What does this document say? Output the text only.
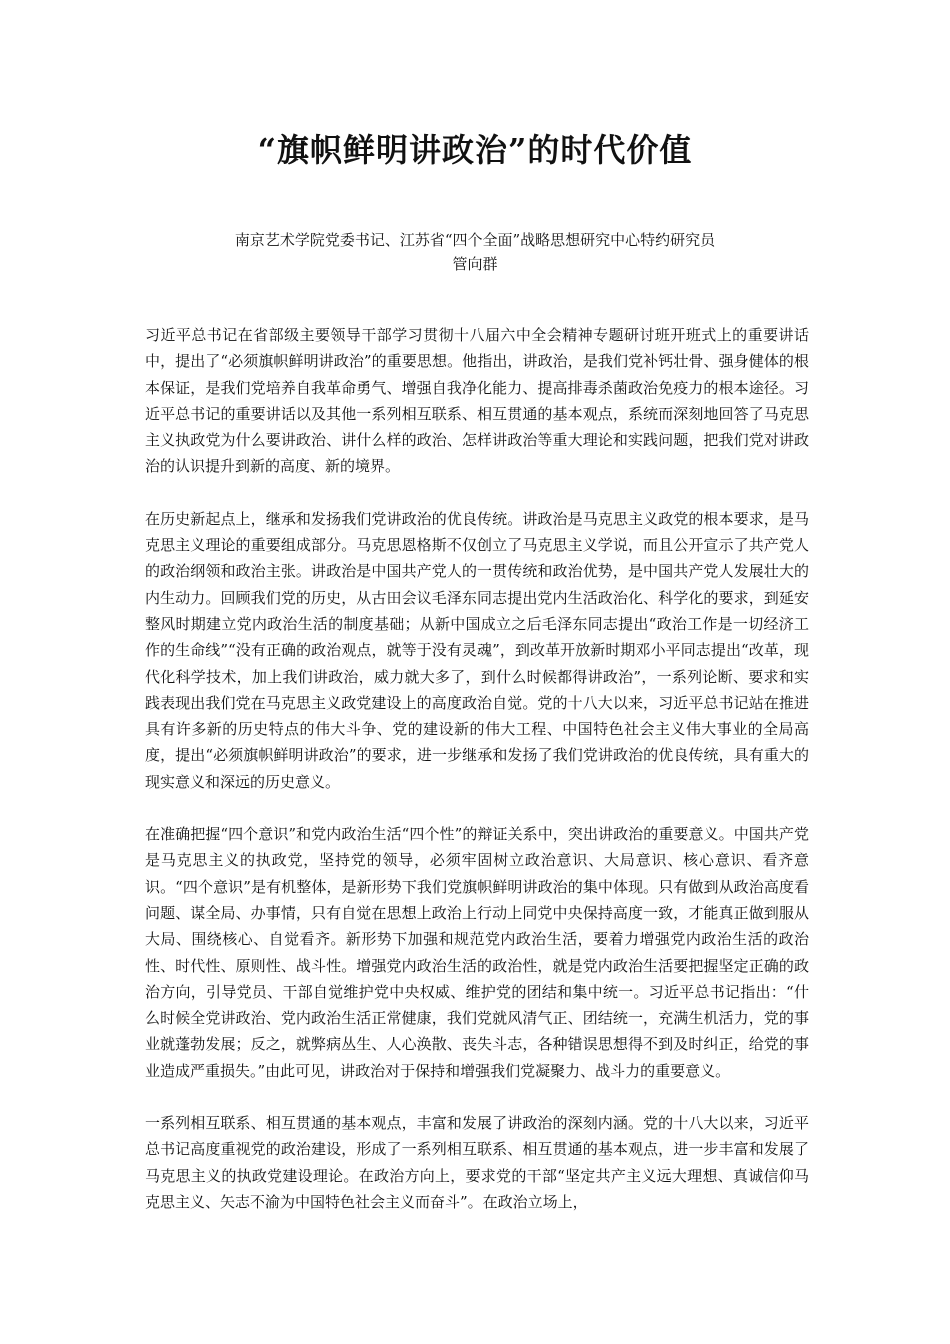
“旗帜鲜明讲政治”的时代价值
南京艺术学院党委书记、江苏省“四个全面”战略思想研究中心特约研究员
管向群

习近平总书记在省部级主要领导干部学习贯彻十八届六中全会精神专题研讨班开班式上的重要讲话中，提出了“必须旗帜鲜明讲政治”的重要思想。他指出，讲政治，是我们党补钙壮骨、强身健体的根本保证，是我们党培养自我革命勇气、增强自我净化能力、提高排毒杀菌政治免疫力的根本途径。习近平总书记的重要讲话以及其他一系列相互联系、相互贯通的基本观点，系统而深刻地回答了马克思主义执政党为什么要讲政治、讲什么样的政治、怎样讲政治等重大理论和实践问题，把我们党对讲政治的认识提升到新的高度、新的境界。

在历史新起点上，继承和发扬我们党讲政治的优良传统。讲政治是马克思主义政党的根本要求，是马克思主义理论的重要组成部分。马克思恩格斯不仅创立了马克思主义学说，而且公开宣示了共产党人的政治纲领和政治主张。讲政治是中国共产党人的一贯传统和政治优势，是中国共产党人发展壮大的内生动力。回顾我们党的历史，从古田会议毛泽东同志提出党内生活政治化、科学化的要求，到延安整风时期建立党内政治生活的制度基础；从新中国成立之后毛泽东同志提出“政治工作是一切经济工作的生命线”“没有正确的政治观点，就等于没有灵魂”，到改革开放新时期邓小平同志提出“改革，现代化科学技术，加上我们讲政治，威力就大多了，到什么时候都得讲政治”，一系列论断、要求和实践表现出我们党在马克思主义政党建设上的高度政治自觉。党的十八大以来，习近平总书记站在推进具有许多新的历史特点的伟大斗争、党的建设新的伟大工程、中国特色社会主义伟大事业的全局高度，提出“必须旗帜鲜明讲政治”的要求，进一步继承和发扬了我们党讲政治的优良传统，具有重大的现实意义和深远的历史意义。

在准确把握“四个意识”和党内政治生活“四个性”的辩证关系中，突出讲政治的重要意义。中国共产党是马克思主义的执政党，坚持党的领导，必须牢固树立政治意识、大局意识、核心意识、看齐意识。“四个意识”是有机整体，是新形势下我们党旗帜鲜明讲政治的集中体现。只有做到从政治高度看问题、谋全局、办事情，只有自觉在思想上政治上行动上同党中央保持高度一致，才能真正做到服从大局、围绕核心、自觉看齐。新形势下加强和规范党内政治生活，要着力增强党内政治生活的政治性、时代性、原则性、战斗性。增强党内政治生活的政治性，就是党内政治生活要把握坚定正确的政治方向，引导党员、干部自觉维护党中央权威、维护党的团结和集中统一。习近平总书记指出：“什么时候全党讲政治、党内政治生活正常健康，我们党就风清气正、团结统一，充满生机活力，党的事业就蓬勃发展；反之，就弊病丛生、人心涣散、丧失斗志，各种错误思想得不到及时纠正，给党的事业造成严重损失。”由此可见，讲政治对于保持和增强我们党凝聚力、战斗力的重要意义。

一系列相互联系、相互贯通的基本观点，丰富和发展了讲政治的深刻内涵。党的十八大以来，习近平总书记高度重视党的政治建设，形成了一系列相互联系、相互贯通的基本观点，进一步丰富和发展了马克思主义的执政党建设理论。在政治方向上，要求党的干部“坚定共产主义远大理想、真诚信仰马克思主义、矢志不渝为中国特色社会主义而奋斗”。在政治立场上，
